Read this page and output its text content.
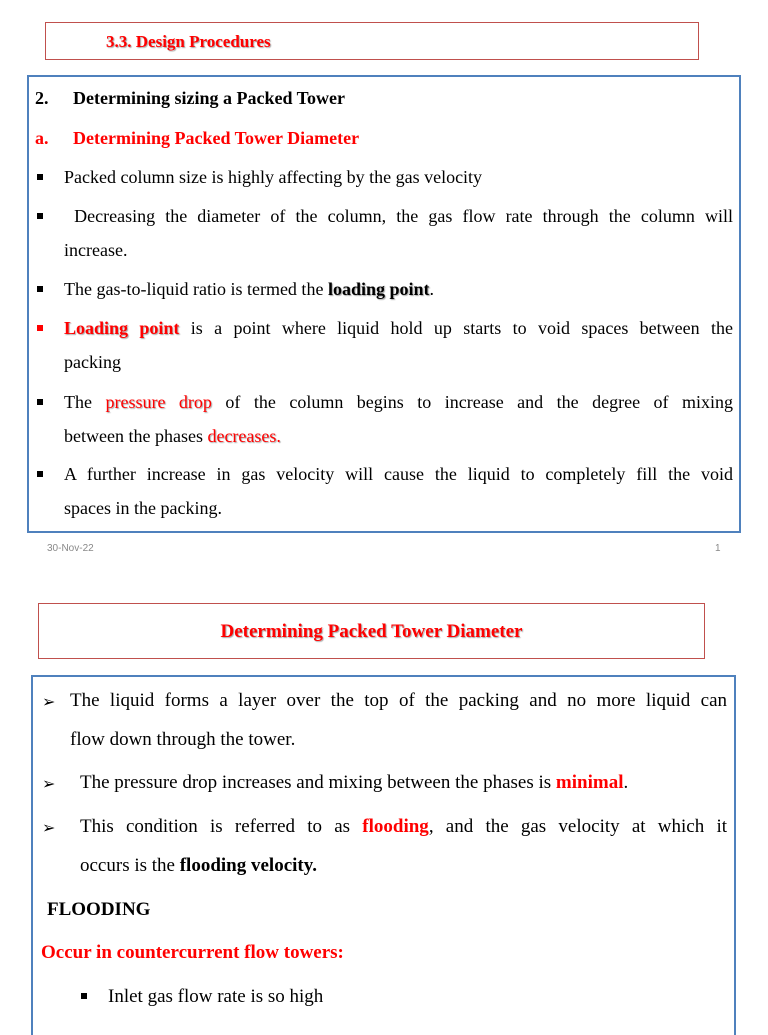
3.3. Design Procedures
2. Determining sizing a Packed Tower
a. Determining Packed Tower Diameter
Packed column size is highly affecting by the gas velocity
Decreasing the diameter of the column, the gas flow rate through the column will
increase.
The gas-to-liquid ratio is termed the loading point.
Loading point is a point where liquid hold up starts to void spaces between the
packing
The pressure drop of the column begins to increase and the degree of mixing
between the phases decreases.
A further increase in gas velocity will cause the liquid to completely fill the void
spaces in the packing.
30-Nov-22	1
Determining Packed Tower Diameter
➢ The liquid forms a layer over the top of the packing and no more liquid can
flow down through the tower.
➢ The pressure drop increases and mixing between the phases is minimal.
➢ This condition is referred to as flooding, and the gas velocity at which it
occurs is the flooding velocity.
FLOODING
Occur in countercurrent flow towers:
Inlet gas flow rate is so high
